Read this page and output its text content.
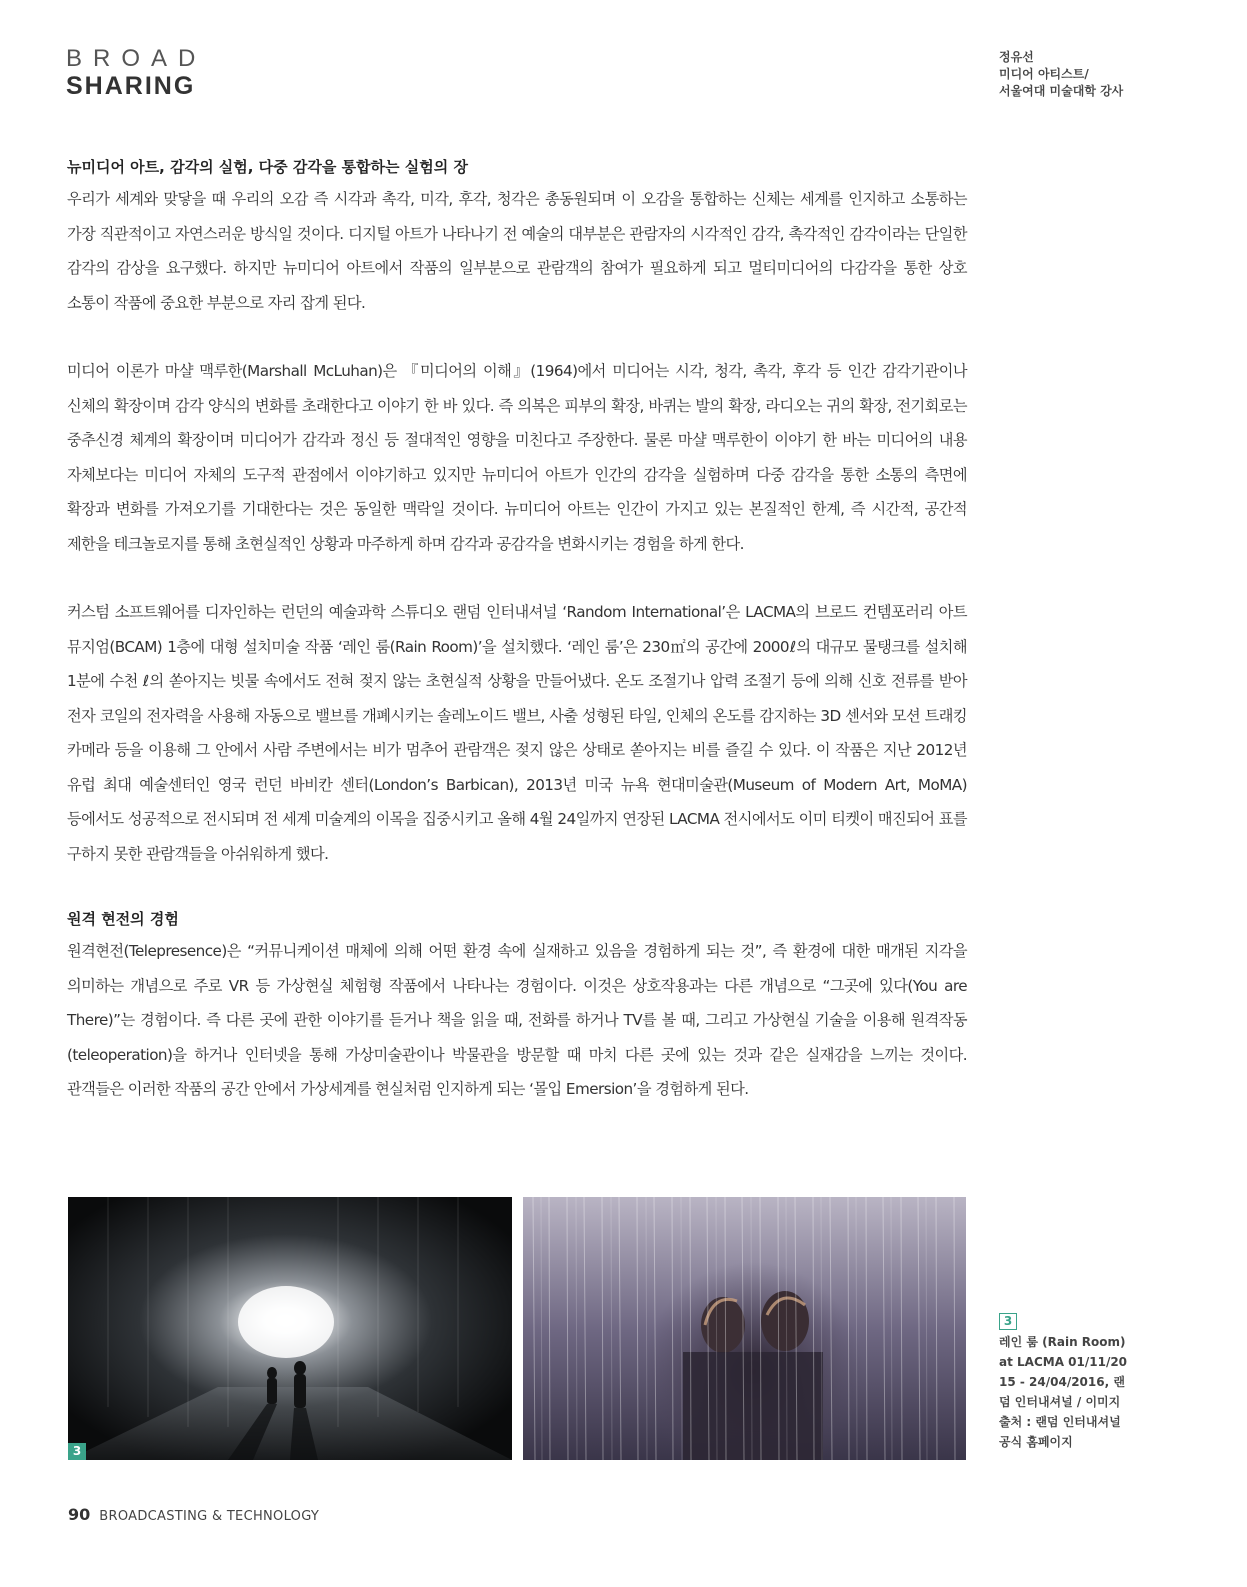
BROAD
SHARING
정유선
미디어 아티스트/
서울여대 미술대학 강사
뉴미디어 아트, 감각의 실험, 다중 감각을 통합하는 실험의 장

우리가 세계와 맞닿을 때 우리의 오감 즉 시각과 촉각, 미각, 후각, 청각은 총동원되며 이 오감을 통합하는 신체는 세계를 인지하고 소통하는 가장 직관적이고 자연스러운 방식일 것이다. 디지털 아트가 나타나기 전 예술의 대부분은 관람자의 시각적인 감각, 촉각적인 감각이라는 단일한 감각의 감상을 요구했다. 하지만 뉴미디어 아트에서 작품의 일부분으로 관람객의 참여가 필요하게 되고 멀티미디어의 다감각을 통한 상호 소통이 작품에 중요한 부분으로 자리 잡게 된다.

미디어 이론가 마샬 맥루한(Marshall McLuhan)은 『미디어의 이해』(1964)에서 미디어는 시각, 청각, 촉각, 후각 등 인간 감각기관이나 신체의 확장이며 감각 양식의 변화를 초래한다고 이야기 한 바 있다. 즉 의복은 피부의 확장, 바퀴는 발의 확장, 라디오는 귀의 확장, 전기회로는 중추신경 체계의 확장이며 미디어가 감각과 정신 등 절대적인 영향을 미친다고 주장한다. 물론 마샬 맥루한이 이야기 한 바는 미디어의 내용 자체보다는 미디어 자체의 도구적 관점에서 이야기하고 있지만 뉴미디어 아트가 인간의 감각을 실험하며 다중 감각을 통한 소통의 측면에 확장과 변화를 가져오기를 기대한다는 것은 동일한 맥락일 것이다. 뉴미디어 아트는 인간이 가지고 있는 본질적인 한계, 즉 시간적, 공간적 제한을 테크놀로지를 통해 초현실적인 상황과 마주하게 하며 감각과 공감각을 변화시키는 경험을 하게 한다.

커스텀 소프트웨어를 디자인하는 런던의 예술과학 스튜디오 랜덤 인터내셔널 ‘Random International’은 LACMA의 브로드 컨템포러리 아트 뮤지엄(BCAM) 1층에 대형 설치미술 작품 ‘레인 룸(Rain Room)’을 설치했다. ‘레인 룸’은 230㎡의 공간에 2000ℓ의 대규모 물탱크를 설치해 1분에 수천 ℓ의 쏟아지는 빗물 속에서도 전혀 젖지 않는 초현실적 상황을 만들어냈다. 온도 조절기나 압력 조절기 등에 의해 신호 전류를 받아 전자 코일의 전자력을 사용해 자동으로 밸브를 개폐시키는 솔레노이드 밸브, 사출 성형된 타일, 인체의 온도를 감지하는 3D 센서와 모션 트래킹 카메라 등을 이용해 그 안에서 사람 주변에서는 비가 멈추어 관람객은 젖지 않은 상태로 쏟아지는 비를 즐길 수 있다. 이 작품은 지난 2012년 유럽 최대 예술센터인 영국 런던 바비칸 센터(London’s Barbican), 2013년 미국 뉴욕 현대미술관(Museum of Modern Art, MoMA) 등에서도 성공적으로 전시되며 전 세계 미술계의 이목을 집중시키고 올해 4월 24일까지 연장된 LACMA 전시에서도 이미 티켓이 매진되어 표를 구하지 못한 관람객들을 아쉬워하게 했다.

원격 현전의 경험

원격현전(Telepresence)은 “커뮤니케이션 매체에 의해 어떤 환경 속에 실재하고 있음을 경험하게 되는 것”, 즉 환경에 대한 매개된 지각을 의미하는 개념으로 주로 VR 등 가상현실 체험형 작품에서 나타나는 경험이다. 이것은 상호작용과는 다른 개념으로 “그곳에 있다(You are There)”는 경험이다. 즉 다른 곳에 관한 이야기를 듣거나 책을 읽을 때, 전화를 하거나 TV를 볼 때, 그리고 가상현실 기술을 이용해 원격작동(teleoperation)을 하거나 인터넷을 통해 가상미술관이나 박물관을 방문할 때 마치 다른 곳에 있는 것과 같은 실재감을 느끼는 것이다. 관객들은 이러한 작품의 공간 안에서 가상세계를 현실처럼 인지하게 되는 ‘몰입 Emersion’을 경험하게 된다.

3
3
레인 룸 (Rain Room) at LACMA 01/11/2015 - 24/04/2016, 랜덤 인터내셔널 / 이미지출처 : 랜덤 인터내셔널 공식 홈페이지
90 BROADCASTING & TECHNOLOGY
